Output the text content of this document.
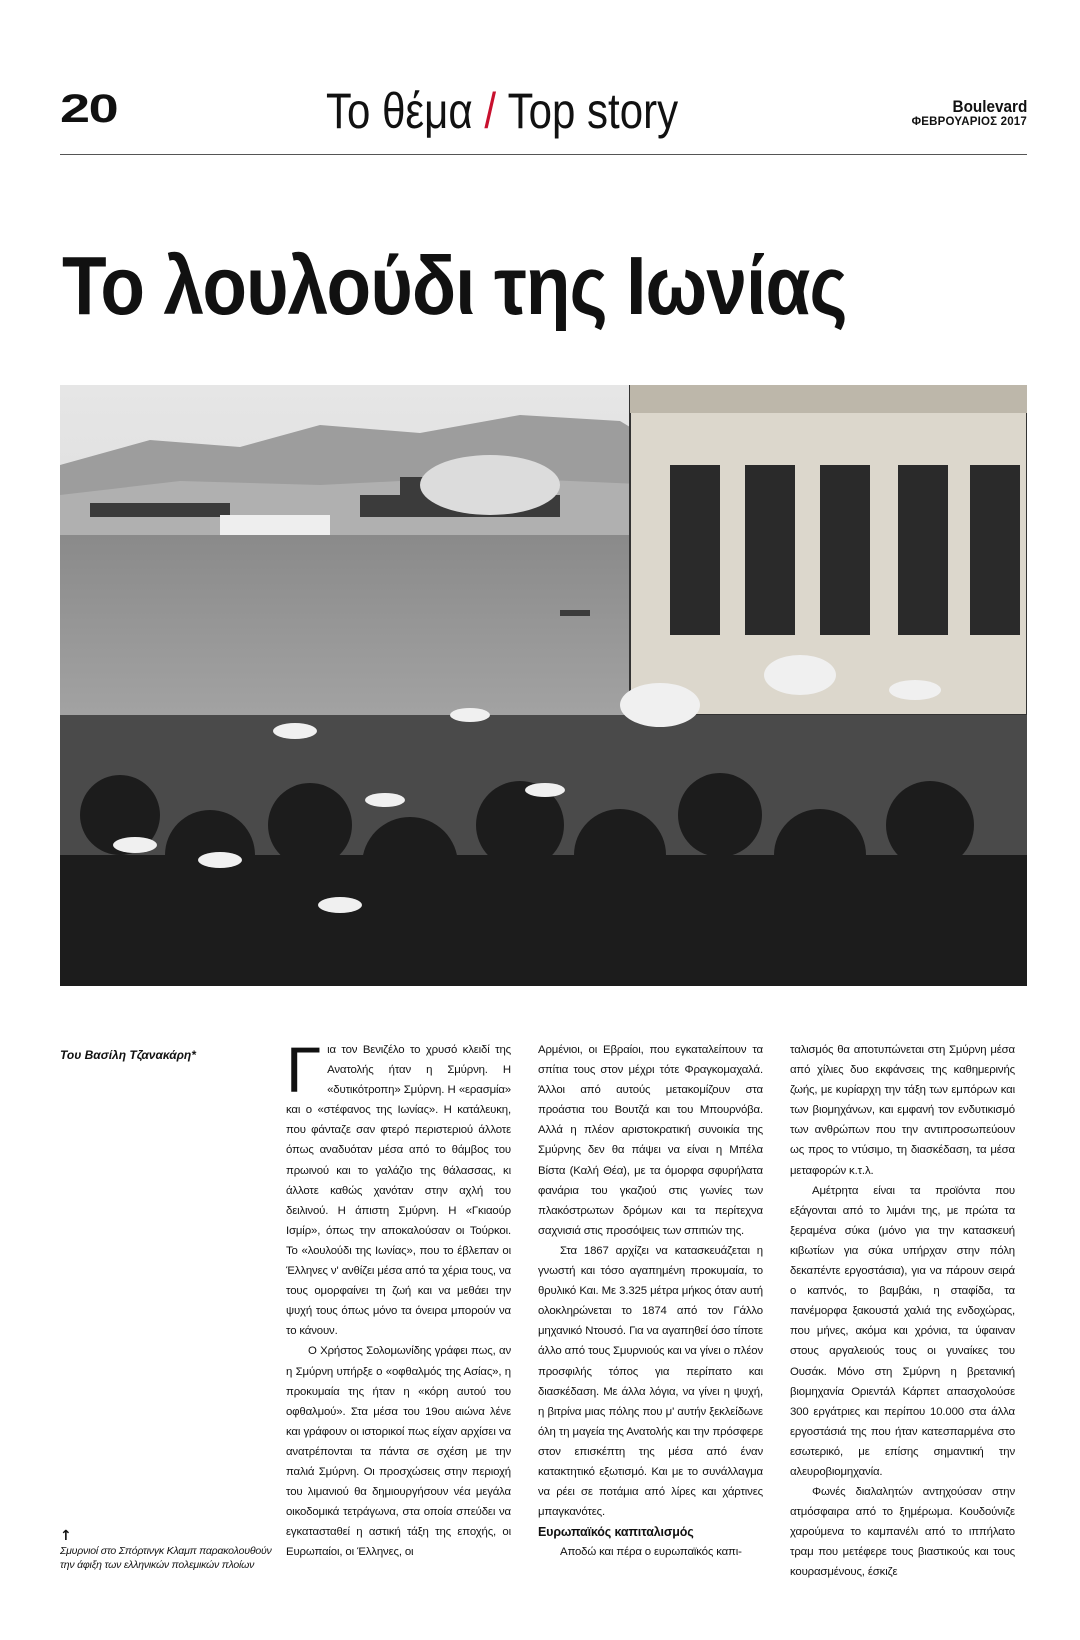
20	Το θέμα / Top story	Boulevard
ΦΕΒΡΟΥΑΡΙΟΣ 2017
Το λουλούδι της Ιωνίας

Του Βασίλη Τζανακάρη*

↑

Σμυρνιοί στο Σπόρτινγκ Κλαμπ παρακολουθούν την άφιξη των ελληνικών πολεμικών πλοίων

Για τον Βενιζέλο το χρυσό κλειδί της Ανατολής ήταν η Σμύρνη. Η «δυτικότροπη» Σμύρνη. Η «ερασμία» και ο «στέφανος της Ιωνίας». Η κατάλευκη, που φάνταζε σαν φτερό περιστεριού άλλοτε όπως αναδυόταν μέσα από το θάμβος του πρωινού και το γαλάζιο της θάλασσας, κι άλλοτε καθώς χανόταν στην αχλή του δειλινού. Η άπιστη Σμύρνη. Η «Γκιαούρ Ισμίρ», όπως την αποκαλούσαν οι Τούρκοι. Το «λουλούδι της Ιωνίας», που το έβλεπαν οι Έλληνες ν' ανθίζει μέσα από τα χέρια τους, να τους ομορφαίνει τη ζωή και να μεθάει την ψυχή τους όπως μόνο τα όνειρα μπορούν να το κάνουν.

Ο Χρήστος Σολομωνίδης γράφει πως, αν η Σμύρνη υπήρξε ο «οφθαλμός της Ασίας», η προκυμαία της ήταν η «κόρη αυτού του οφθαλμού». Στα μέσα του 19ου αιώνα λένε και γράφουν οι ιστορικοί πως είχαν αρχίσει να ανατρέπονται τα πάντα σε σχέση με την παλιά Σμύρνη. Οι προσχώσεις στην περιοχή του λιμανιού θα δημιουργήσουν νέα μεγάλα οικοδομικά τετράγωνα, στα οποία σπεύδει να εγκατασταθεί η αστική τάξη της εποχής, οι Ευρωπαίοι, οι Έλληνες, οι

Αρμένιοι, οι Εβραίοι, που εγκαταλείπουν τα σπίτια τους στον μέχρι τότε Φραγκομαχαλά. Άλλοι από αυτούς μετακομίζουν στα προάστια του Βουτζά και του Μπουρνόβα. Αλλά η πλέον αριστοκρατική συνοικία της Σμύρνης δεν θα πάψει να είναι η Μπέλα Βίστα (Καλή Θέα), με τα όμορφα σφυρήλατα φανάρια του γκαζιού στις γωνίες των πλακόστρωτων δρόμων και τα περίτεχνα σαχνισιά στις προσόψεις των σπιτιών της.

Στα 1867 αρχίζει να κατασκευάζεται η γνωστή και τόσο αγαπημένη προκυμαία, το θρυλικό Και. Με 3.325 μέτρα μήκος όταν αυτή ολοκληρώνεται το 1874 από τον Γάλλο μηχανικό Ντουσό. Για να αγαπηθεί όσο τίποτε άλλο από τους Σμυρνιούς και να γίνει ο πλέον προσφιλής τόπος για περίπατο και διασκέδαση. Με άλλα λόγια, να γίνει η ψυχή, η βιτρίνα μιας πόλης που μ' αυτήν ξεκλείδωνε όλη τη μαγεία της Ανατολής και την πρόσφερε στον επισκέπτη της μέσα από έναν κατακτητικό εξωτισμό. Και με το συνάλλαγμα να ρέει σε ποτάμια από λίρες και χάρτινες μπαγκανότες.

Ευρωπαϊκός καπιταλισμός

Αποδώ και πέρα ο ευρωπαϊκός καπι-

ταλισμός θα αποτυπώνεται στη Σμύρνη μέσα από χίλιες δυο εκφάνσεις της καθημερινής ζωής, με κυρίαρχη την τάξη των εμπόρων και των βιομηχάνων, και εμφανή τον ενδυτικισμό των ανθρώπων που την αντιπροσωπεύουν ως προς το ντύσιμο, τη διασκέδαση, τα μέσα μεταφορών κ.τ.λ.

Αμέτρητα είναι τα προϊόντα που εξάγονται από το λιμάνι της, με πρώτα τα ξεραμένα σύκα (μόνο για την κατασκευή κιβωτίων για σύκα υπήρχαν στην πόλη δεκαπέντε εργοστάσια), για να πάρουν σειρά ο καπνός, το βαμβάκι, η σταφίδα, τα πανέμορφα ξακουστά χαλιά της ενδοχώρας, που μήνες, ακόμα και χρόνια, τα ύφαιναν στους αργαλειούς τους οι γυναίκες του Ουσάκ. Μόνο στη Σμύρνη η βρετανική βιομηχανία Οριεντάλ Κάρπετ απασχολούσε 300 εργάτριες και περίπου 10.000 στα άλλα εργοστάσιά της που ήταν κατεσπαρμένα στο εσωτερικό, με επίσης σημαντική την αλευροβιομηχανία.

Φωνές διαλαλητών αντηχούσαν στην ατμόσφαιρα από το ξημέρωμα. Κουδούνιζε χαρούμενα το καμπανέλι από το ιππήλατο τραμ που μετέφερε τους βιαστικούς και τους κουρασμένους, έσκιζε
